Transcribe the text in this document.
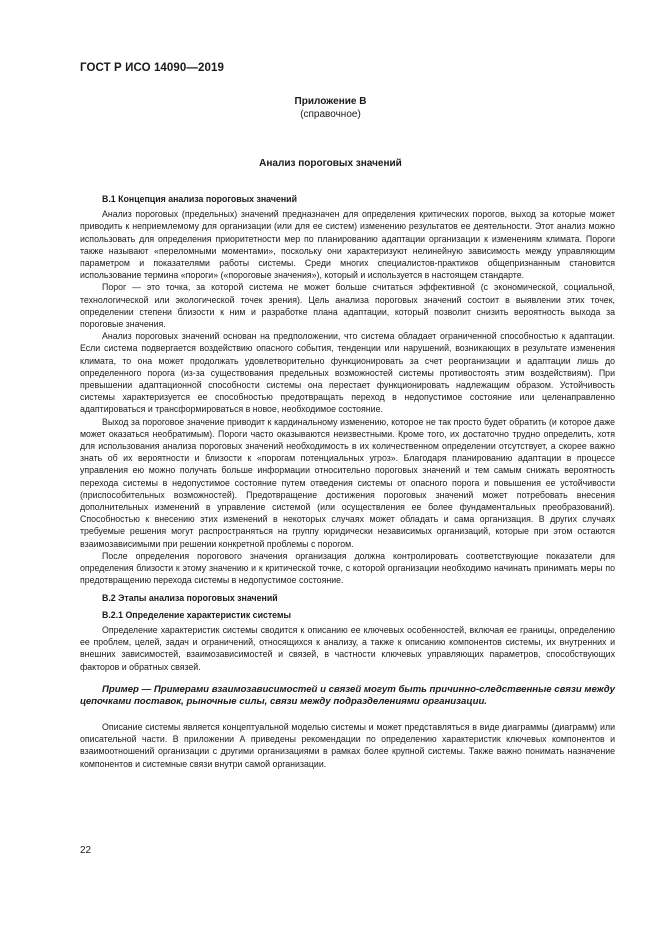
ГОСТ Р ИСО 14090—2019
Приложение В
(справочное)
Анализ пороговых значений

B.1 Концепция анализа пороговых значений

Анализ пороговых (предельных) значений предназначен для определения критических порогов, выход за которые может приводить к неприемлемому для организации (или для ее систем) изменению результатов ее деятельности. Этот анализ можно использовать для определения приоритетности мер по планированию адаптации организации к изменениям климата. Пороги также называют «переломными моментами», поскольку они характеризуют нелинейную зависимость между управляющим параметром и показателями работы системы. Среди многих специалистов-практиков общепризнанным становится использование термина «пороги» («пороговые значения»), который и используется в настоящем стандарте.

Порог — это точка, за которой система не может больше считаться эффективной (с экономической, социальной, технологической или экологической точек зрения). Цель анализа пороговых значений состоит в выявлении этих точек, определении степени близости к ним и разработке плана адаптации, который позволит снизить вероятность выхода за пороговые значения.

Анализ пороговых значений основан на предположении, что система обладает ограниченной способностью к адаптации. Если система подвергается воздействию опасного события, тенденции или нарушений, возникающих в результате изменения климата, то она может продолжать удовлетворительно функционировать за счет реорганизации и адаптации лишь до определенного порога (из-за существования предельных возможностей системы противостоять этим воздействиям). При превышении адаптационной способности системы она перестает функционировать надлежащим образом. Устойчивость системы характеризуется ее способностью предотвращать переход в недопустимое состояние или целенаправленно адаптироваться и трансформироваться в новое, необходимое состояние.

Выход за пороговое значение приводит к кардинальному изменению, которое не так просто будет обратить (и которое даже может оказаться необратимым). Пороги часто оказываются неизвестными. Кроме того, их достаточно трудно определить, хотя для использования анализа пороговых значений необходимость в их количественном определении отсутствует, а скорее важно знать об их вероятности и близости к «порогам потенциальных угроз». Благодаря планированию адаптации в процессе управления ею можно получать больше информации относительно пороговых значений и тем самым снижать вероятность перехода системы в недопустимое состояние путем отведения системы от опасного порога и повышения ее устойчивости (приспособительных возможностей). Предотвращение достижения пороговых значений может потребовать внесения дополнительных изменений в управление системой (или осуществления ее более фундаментальных преобразований). Способностью к внесению этих изменений в некоторых случаях может обладать и сама организация. В других случаях требуемые решения могут распространяться на группу юридически независимых организаций, которые при этом остаются взаимозависимыми при решении конкретной проблемы с порогом.

После определения порогового значения организация должна контролировать соответствующие показатели для определения близости к этому значению и к критической точке, с которой организации необходимо начинать принимать меры по предотвращению перехода системы в недопустимое состояние.

B.2 Этапы анализа пороговых значений

B.2.1 Определение характеристик системы

Определение характеристик системы сводится к описанию ее ключевых особенностей, включая ее границы, определению ее проблем, целей, задач и ограничений, относящихся к анализу, а также к описанию компонентов системы, их внутренних и внешних зависимостей, взаимозависимостей и связей, в частности ключевых управляющих параметров, способствующих факторов и обратных связей.

Пример — Примерами взаимозависимостей и связей могут быть причинно-следственные связи между цепочками поставок, рыночные силы, связи между подразделениями организации.

Описание системы является концептуальной моделью системы и может представляться в виде диаграммы (диаграмм) или описательной части. В приложении А приведены рекомендации по определению характеристик ключевых компонентов и взаимоотношений организации с другими организациями в рамках более крупной системы. Также важно понимать назначение компонентов и системные связи внутри самой организации.

22
